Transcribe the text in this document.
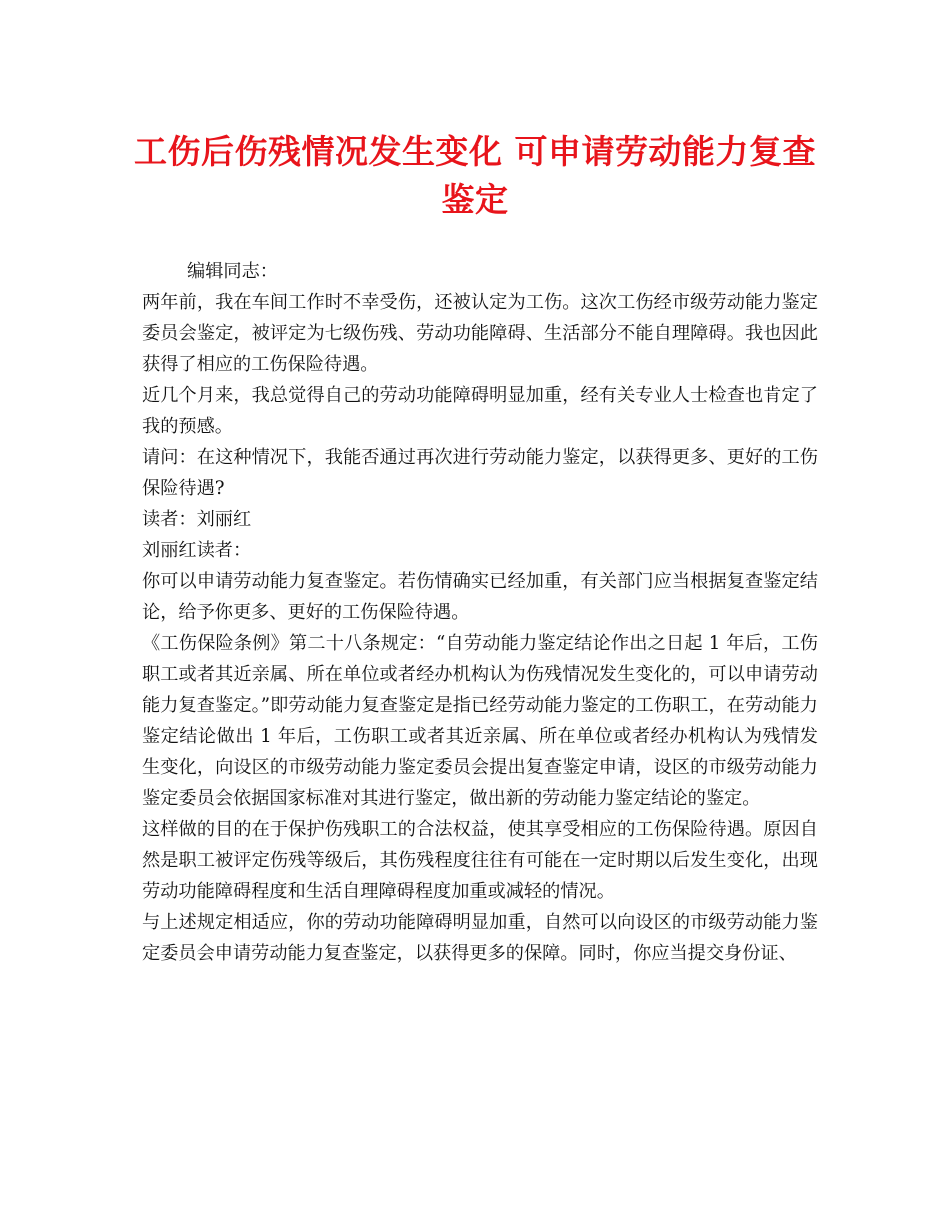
工伤后伤残情况发生变化 可申请劳动能力复查鉴定

编辑同志：

两年前，我在车间工作时不幸受伤，还被认定为工伤。这次工伤经市级劳动能力鉴定委员会鉴定，被评定为七级伤残、劳动功能障碍、生活部分不能自理障碍。我也因此获得了相应的工伤保险待遇。

近几个月来，我总觉得自己的劳动功能障碍明显加重，经有关专业人士检查也肯定了我的预感。

请问：在这种情况下，我能否通过再次进行劳动能力鉴定，以获得更多、更好的工伤保险待遇?

读者：刘丽红

刘丽红读者：

你可以申请劳动能力复查鉴定。若伤情确实已经加重，有关部门应当根据复查鉴定结论，给予你更多、更好的工伤保险待遇。

《工伤保险条例》第二十八条规定：“自劳动能力鉴定结论作出之日起 1 年后，工伤职工或者其近亲属、所在单位或者经办机构认为伤残情况发生变化的，可以申请劳动能力复查鉴定。”即劳动能力复查鉴定是指已经劳动能力鉴定的工伤职工，在劳动能力鉴定结论做出 1 年后，工伤职工或者其近亲属、所在单位或者经办机构认为残情发生变化，向设区的市级劳动能力鉴定委员会提出复查鉴定申请，设区的市级劳动能力鉴定委员会依据国家标准对其进行鉴定，做出新的劳动能力鉴定结论的鉴定。

这样做的目的在于保护伤残职工的合法权益，使其享受相应的工伤保险待遇。原因自然是职工被评定伤残等级后，其伤残程度往往有可能在一定时期以后发生变化，出现劳动功能障碍程度和生活自理障碍程度加重或减轻的情况。

与上述规定相适应，你的劳动功能障碍明显加重，自然可以向设区的市级劳动能力鉴定委员会申请劳动能力复查鉴定，以获得更多的保障。同时，你应当提交身份证、
